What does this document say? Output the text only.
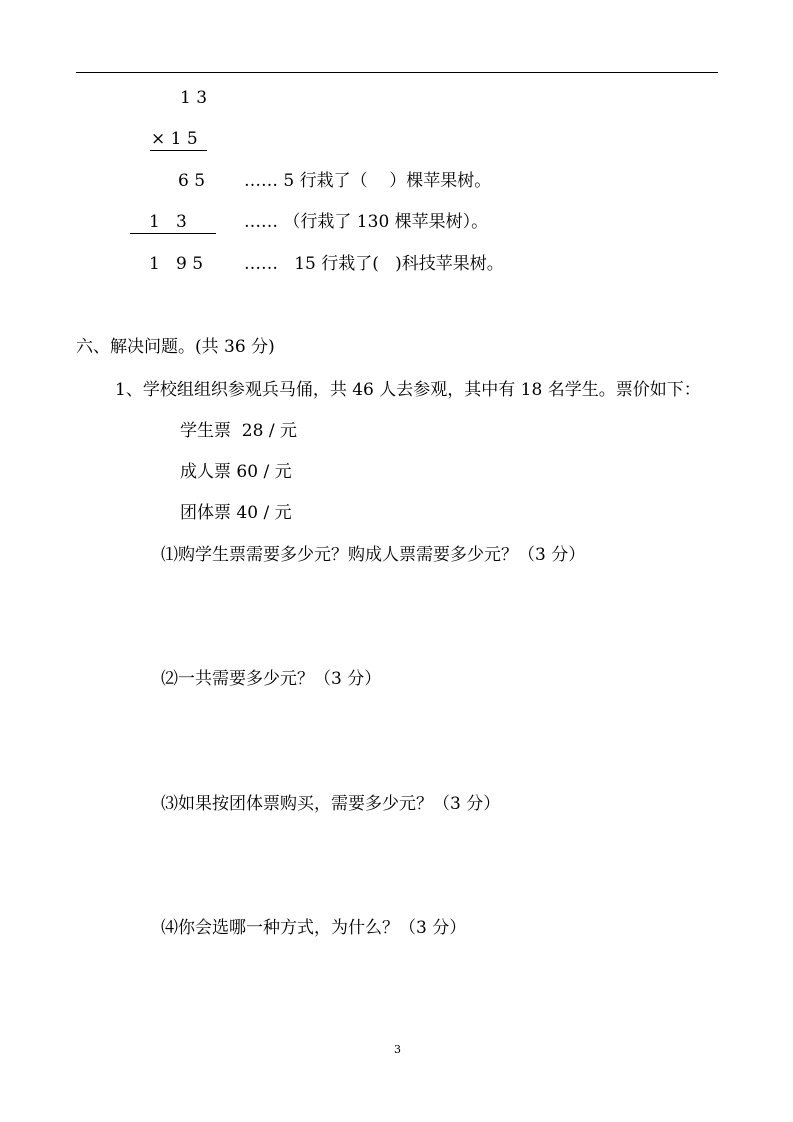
1 3
× 1 5
6 5 …… 5 行栽了（    ）棵苹果树。
1   3	…… （行栽了 130 棵苹果树）。
1   9 5 ……   15 行栽了(   )科技苹果树。
六、解决问题。(共 36 分)
1、学校组组织参观兵马俑，共 46 人去参观，其中有 18 名学生。票价如下：
学生票  28 / 元
成人票 60 / 元
团体票 40 / 元
⑴购学生票需要多少元？购成人票需要多少元？（3 分）
⑵一共需要多少元？（3 分）
⑶如果按团体票购买，需要多少元？（3 分）
⑷你会选哪一种方式，为什么？（3 分）
3
